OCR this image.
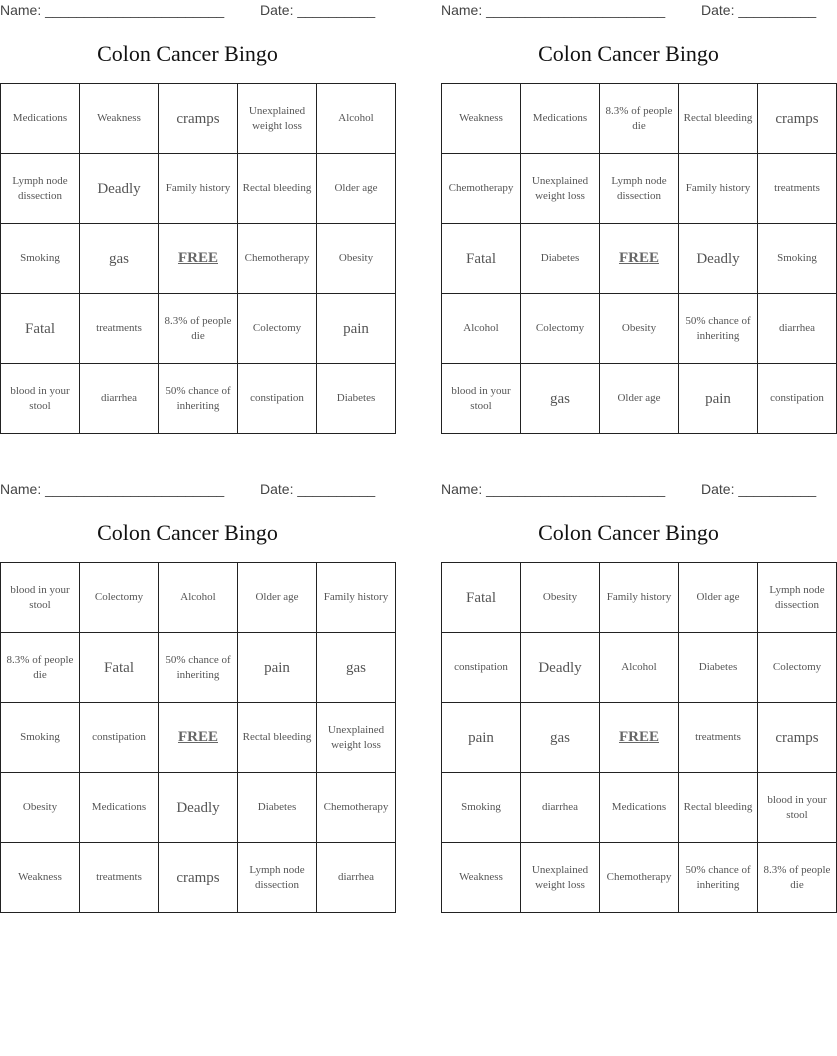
Name: _______________________	Date: __________
Colon Cancer Bingo
Medications	Weakness	cramps	Unexplained weight loss	Alcohol
Lymph node dissection	Deadly	Family history	Rectal bleeding	Older age
Smoking	gas	FREE	Chemotherapy	Obesity
Fatal	treatments	8.3% of people die	Colectomy	pain
blood in your stool	diarrhea	50% chance of inheriting	constipation	Diabetes
Name: _______________________	Date: __________
Colon Cancer Bingo
Weakness	Medications	8.3% of people die	Rectal bleeding	cramps
Chemotherapy	Unexplained weight loss	Lymph node dissection	Family history	treatments
Fatal	Diabetes	FREE	Deadly	Smoking
Alcohol	Colectomy	Obesity	50% chance of inheriting	diarrhea
blood in your stool	gas	Older age	pain	constipation
Name: _______________________	Date: __________
Colon Cancer Bingo
blood in your stool	Colectomy	Alcohol	Older age	Family history
8.3% of people die	Fatal	50% chance of inheriting	pain	gas
Smoking	constipation	FREE	Rectal bleeding	Unexplained weight loss
Obesity	Medications	Deadly	Diabetes	Chemotherapy
Weakness	treatments	cramps	Lymph node dissection	diarrhea
Name: _______________________	Date: __________
Colon Cancer Bingo
Fatal	Obesity	Family history	Older age	Lymph node dissection
constipation	Deadly	Alcohol	Diabetes	Colectomy
pain	gas	FREE	treatments	cramps
Smoking	diarrhea	Medications	Rectal bleeding	blood in your stool
Weakness	Unexplained weight loss	Chemotherapy	50% chance of inheriting	8.3% of people die
